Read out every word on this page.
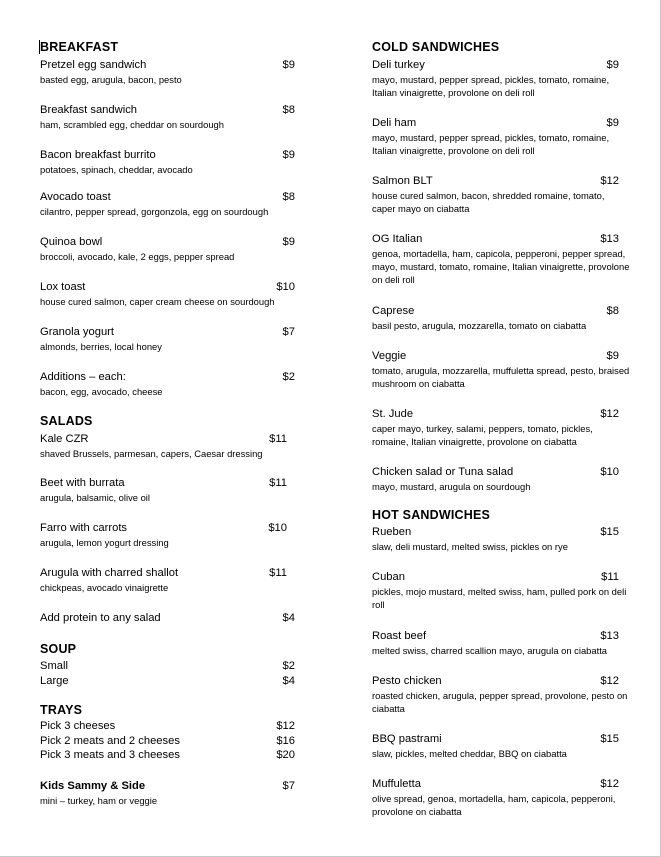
BREAKFAST
Pretzel egg sandwich	$9
basted egg, arugula, bacon, pesto
Breakfast sandwich	$8
ham, scrambled egg, cheddar on sourdough
Bacon breakfast burrito	$9
potatoes, spinach, cheddar, avocado
Avocado toast	$8
cilantro, pepper spread, gorgonzola, egg on sourdough
Quinoa bowl	$9
broccoli, avocado, kale, 2 eggs, pepper spread
Lox toast	$10
house cured salmon, caper cream cheese on sourdough
Granola yogurt	$7
almonds, berries, local honey
Additions – each:	$2
bacon, egg, avocado, cheese
SALADS
Kale CZR	$11
shaved Brussels, parmesan, capers, Caesar dressing
Beet with burrata	$11
arugula, balsamic, olive oil
Farro with carrots	$10
arugula, lemon yogurt dressing
Arugula with charred shallot	$11
chickpeas, avocado vinaigrette
Add protein to any salad	$4
SOUP
Small	$2
Large	$4
TRAYS
Pick 3 cheeses	$12
Pick 2 meats and 2 cheeses	$16
Pick 3 meats and 3 cheeses	$20
Kids Sammy & Side	$7
mini – turkey, ham or veggie
COLD SANDWICHES
Deli turkey	$9
mayo, mustard, pepper spread, pickles, tomato, romaine, Italian vinaigrette, provolone on deli roll
Deli ham	$9
mayo, mustard, pepper spread, pickles, tomato, romaine, Italian vinaigrette, provolone on deli roll
Salmon BLT	$12
house cured salmon, bacon, shredded romaine, tomato, caper mayo on ciabatta
OG Italian	$13
genoa, mortadella, ham, capicola, pepperoni, pepper spread, mayo, mustard, tomato, romaine, Italian vinaigrette, provolone on deli roll
Caprese	$8
basil pesto, arugula, mozzarella, tomato on ciabatta
Veggie	$9
tomato, arugula, mozzarella, muffuletta spread, pesto, braised mushroom on ciabatta
St. Jude	$12
caper mayo, turkey, salami, peppers, tomato, pickles, romaine, Italian vinaigrette, provolone on ciabatta
Chicken salad or Tuna salad	$10
mayo, mustard, arugula on sourdough
HOT SANDWICHES
Rueben	$15
slaw, deli mustard, melted swiss, pickles on rye
Cuban	$11
pickles, mojo mustard, melted swiss, ham, pulled pork on deli roll
Roast beef	$13
melted swiss, charred scallion mayo, arugula on ciabatta
Pesto chicken	$12
roasted chicken, arugula, pepper spread, provolone, pesto on ciabatta
BBQ pastrami	$15
slaw, pickles, melted cheddar, BBQ on ciabatta
Muffuletta	$12
olive spread, genoa, mortadella, ham, capicola, pepperoni, provolone on ciabatta
